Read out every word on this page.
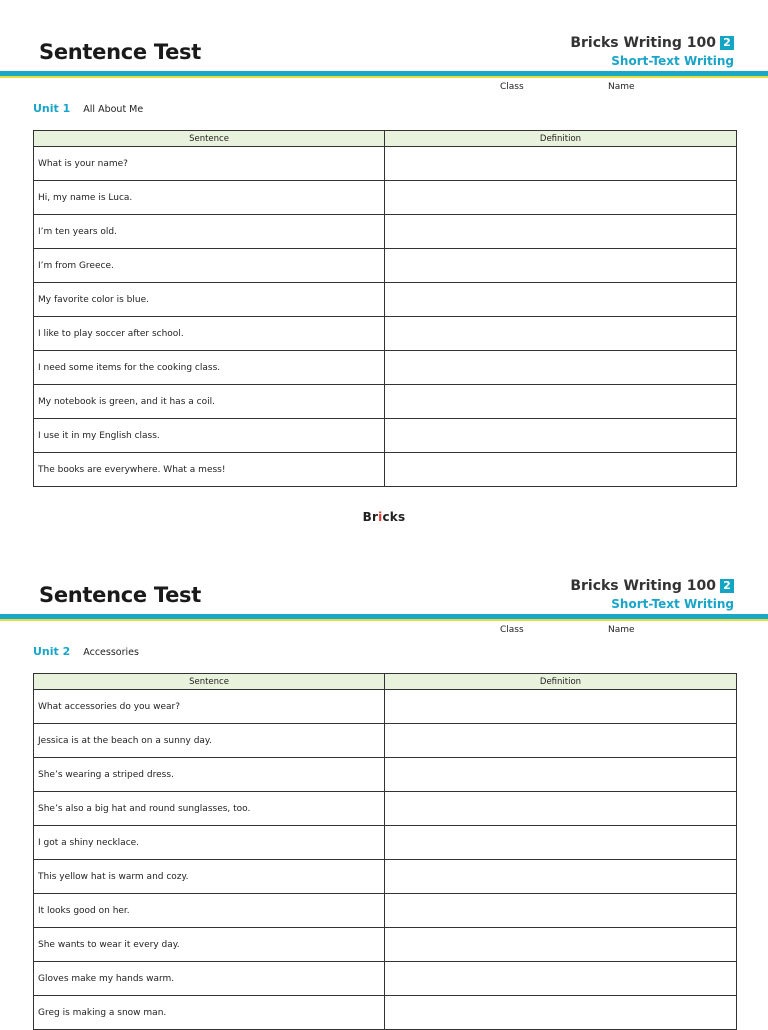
Sentence Test	Bricks Writing 100 2
Short-Text Writing
Class	Name
Unit 1 All About Me
Sentence	Definition
What is your name?	
Hi, my name is Luca.	
I’m ten years old.	
I’m from Greece.	
My favorite color is blue.	
I like to play soccer after school.	
I need some items for the cooking class.	
My notebook is green, and it has a coil.	
I use it in my English class.	
The books are everywhere. What a mess!	
Bricks
Sentence Test	Bricks Writing 100 2
Short-Text Writing
Class	Name
Unit 2 Accessories
Sentence	Definition
What accessories do you wear?	
Jessica is at the beach on a sunny day.	
She’s wearing a striped dress.	
She’s also a big hat and round sunglasses, too.	
I got a shiny necklace.	
This yellow hat is warm and cozy.	
It looks good on her.	
She wants to wear it every day.	
Gloves make my hands warm.	
Greg is making a snow man.	
